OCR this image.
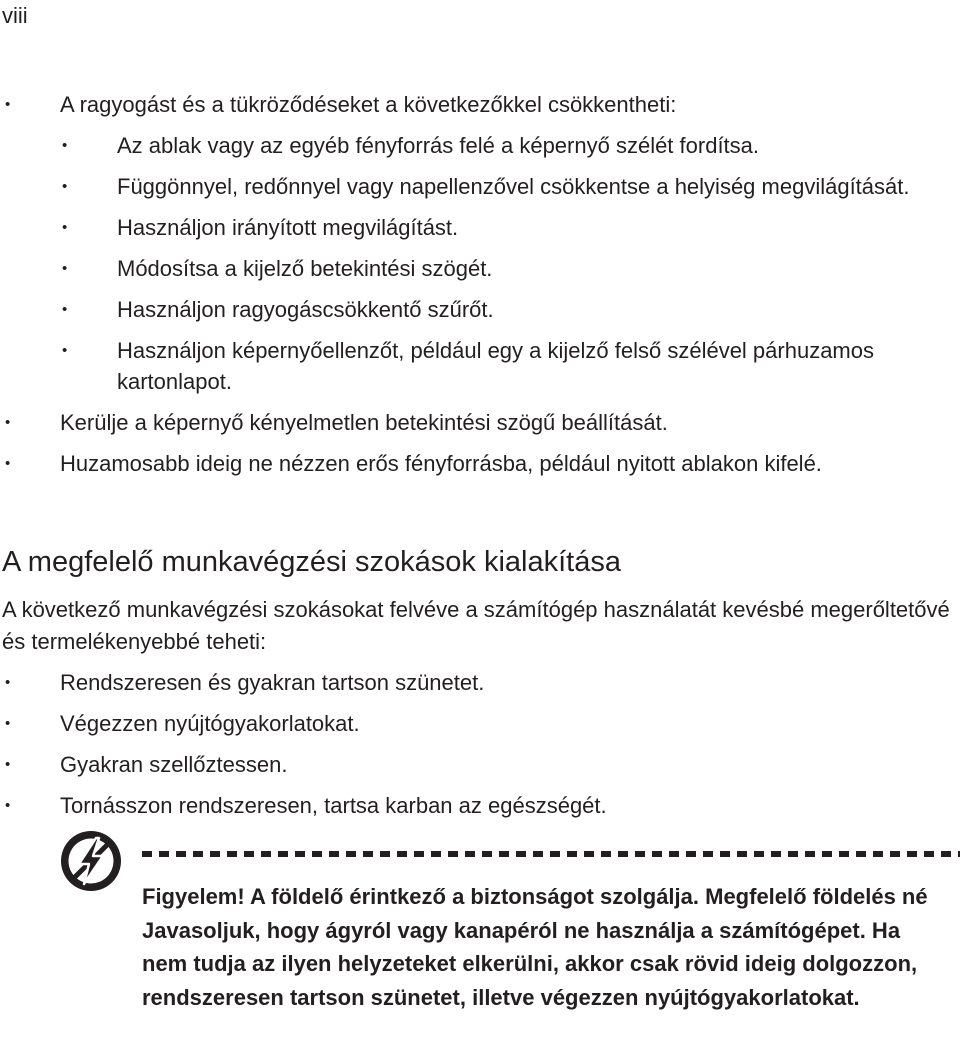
viii
• A ragyogást és a tükröződéseket a következőkkel csökkentheti:
• Az ablak vagy az egyéb fényforrás felé a képernyő szélét fordítsa.
• Függönnyel, redőnnyel vagy napellenzővel csökkentse a helyiség megvilágítását.
• Használjon irányított megvilágítást.
• Módosítsa a kijelző betekintési szögét.
• Használjon ragyogáscsökkentő szűrőt.
• Használjon képernyőellenzőt, például egy a kijelző felső szélével párhuzamos kartonlapot.
• Kerülje a képernyő kényelmetlen betekintési szögű beállítását.
• Huzamosabb ideig ne nézzen erős fényforrásba, például nyitott ablakon kifelé.
A megfelelő munkavégzési szokások kialakítása

A következő munkavégzési szokásokat felvéve a számítógép használatát kevésbé megerőltetővé és termelékenyebbé teheti:

• Rendszeresen és gyakran tartson szünetet.
• Végezzen nyújtógyakorlatokat.
• Gyakran szellőztessen.
• Tornásszon rendszeresen, tartsa karban az egészségét.

Figyelem! A földelő érintkező a biztonságot szolgálja. Megfelelő földelés né Javasoljuk, hogy ágyról vagy kanapéról ne használja a számítógépet. Ha nem tudja az ilyen helyzeteket elkerülni, akkor csak rövid ideig dolgozzon, rendszeresen tartson szünetet, illetve végezzen nyújtógyakorlatokat.
